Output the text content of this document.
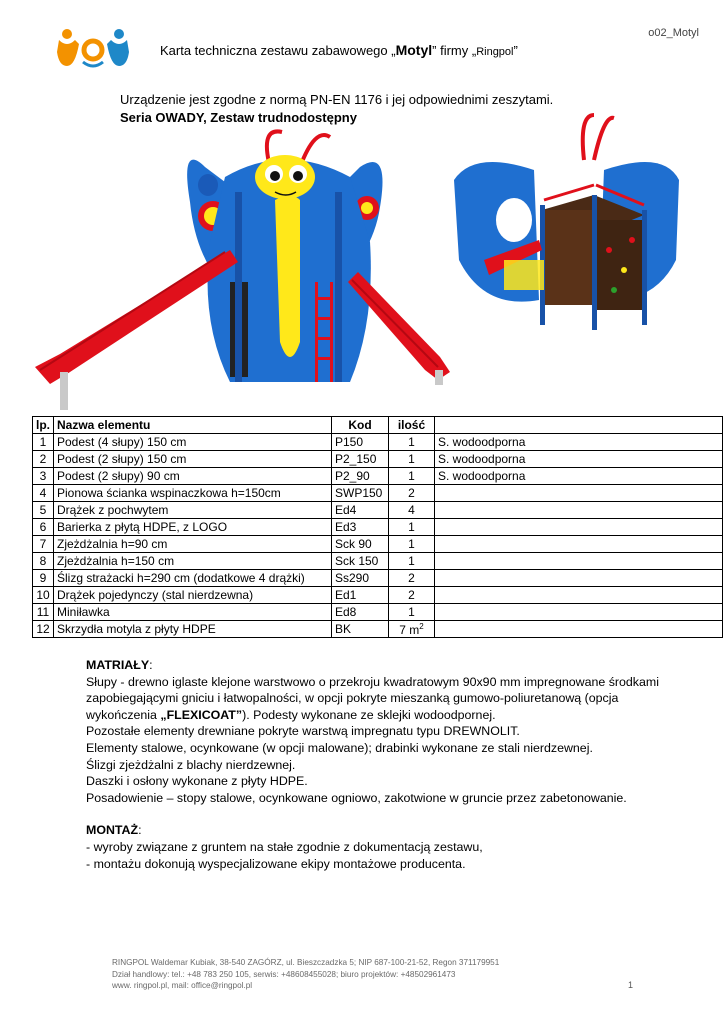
o02_Motyl
Karta techniczna zestawu zabawowego „Motyl” firmy „Ringpol”
Urządzenie jest zgodne z normą PN-EN 1176 i jej odpowiednimi zeszytami.
Seria OWADY, Zestaw trudnodostępny
lp.	Nazwa elementu	Kod	ilość	
1	Podest (4 słupy) 150 cm	P150	1	S. wodoodporna
2	Podest (2 słupy) 150 cm	P2_150	1	S. wodoodporna
3	Podest (2 słupy) 90 cm	P2_90	1	S. wodoodporna
4	Pionowa ścianka wspinaczkowa h=150cm	SWP150	2	
5	Drążek z pochwytem	Ed4	4	
6	Barierka z płytą HDPE, z LOGO	Ed3	1	
7	Zjeżdżalnia h=90 cm	Sck 90	1	
8	Zjeżdżalnia h=150 cm	Sck 150	1	
9	Ślizg strażacki h=290 cm (dodatkowe 4 drążki)	Ss290	2	
10	Drążek pojedynczy (stal nierdzewna)	Ed1	2	
11	Miniławka	Ed8	1	
12	Skrzydła motyla z płyty HDPE	BK	7 $m^2$	
MATRIAŁY:
Słupy - drewno iglaste klejone warstwowo o przekroju kwadratowym 90x90 mm impregnowane środkami zapobiegającymi gniciu i łatwopalności, w opcji pokryte mieszanką gumowo-poliuretanową (opcja wykończenia „FLEXICOAT”). Podesty wykonane ze sklejki wodoodpornej.
Pozostałe elementy drewniane pokryte warstwą impregnatu typu DREWNOLIT.
Elementy stalowe, ocynkowane (w opcji malowane); drabinki wykonane ze stali nierdzewnej.
Ślizgi zjeżdżalni z blachy nierdzewnej.
Daszki i osłony wykonane z płyty HDPE.
Posadowienie – stopy stalowe, ocynkowane ogniowo, zakotwione w gruncie przez zabetonowanie.
MONTAŻ:
- wyroby związane z gruntem na stałe zgodnie z dokumentacją zestawu,
- montażu dokonują wyspecjalizowane ekipy montażowe producenta.
RINGPOL Waldemar Kubiak, 38-540 ZAGÓRZ, ul. Bieszczadzka 5; NIP 687-100-21-52, Regon 371179951
Dział handlowy: tel.: +48 783 250 105, serwis: +48608455028; biuro projektów: +48502961473
www. ringpol.pl, mail: office@ringpol.pl	1
